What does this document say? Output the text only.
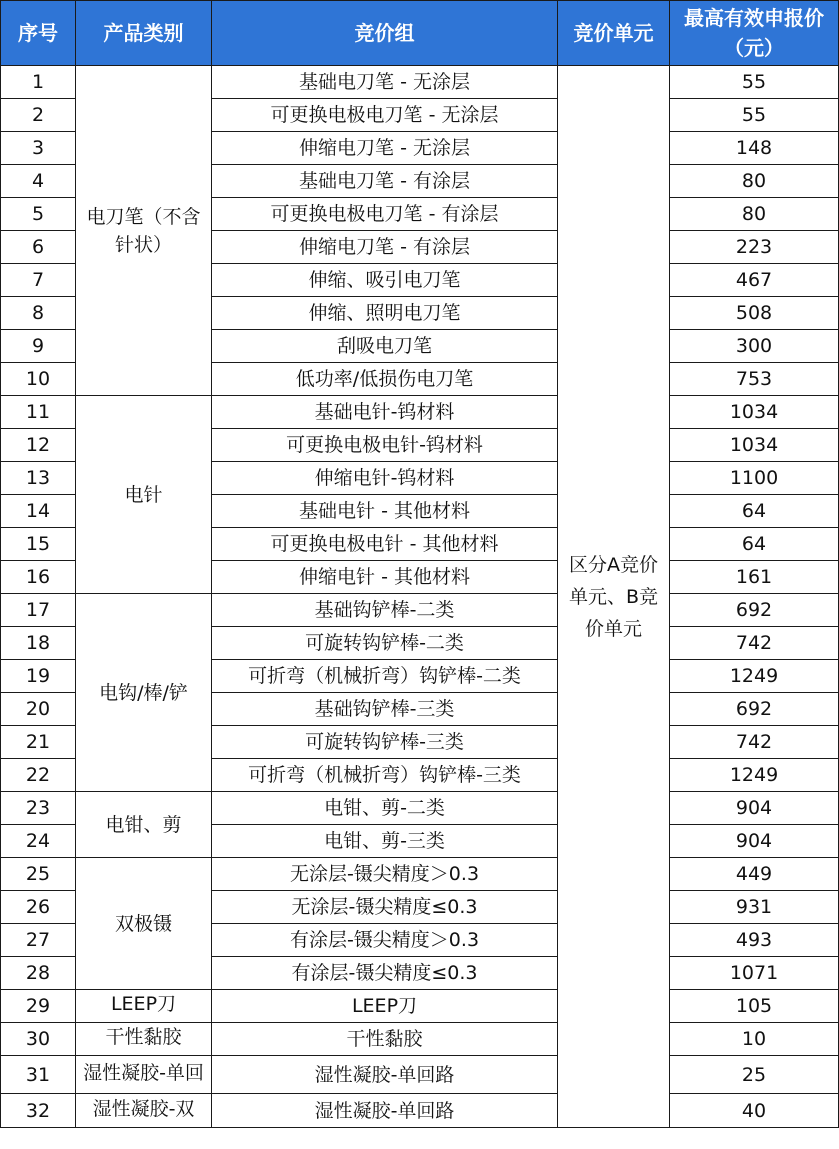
序号	产品类别	竞价组	竞价单元	最高有效申报价（元）
1	电刀笔（不含针状）	基础电刀笔 - 无涂层	区分A竞价单元、B竞价单元	55
2		可更换电极电刀笔 - 无涂层		55
3		伸缩电刀笔 - 无涂层		148
4		基础电刀笔 - 有涂层		80
5		可更换电极电刀笔 - 有涂层		80
6		伸缩电刀笔 - 有涂层		223
7		伸缩、吸引电刀笔		467
8		伸缩、照明电刀笔		508
9		刮吸电刀笔		300
10		低功率/低损伤电刀笔		753
11	电针	基础电针-钨材料		1034
12		可更换电极电针-钨材料		1034
13		伸缩电针-钨材料		1100
14		基础电针 - 其他材料		64
15		可更换电极电针 - 其他材料		64
16		伸缩电针 - 其他材料		161
17	电钩/棒/铲	基础钩铲棒-二类		692
18		可旋转钩铲棒-二类		742
19		可折弯（机械折弯）钩铲棒-二类		1249
20		基础钩铲棒-三类		692
21		可旋转钩铲棒-三类		742
22		可折弯（机械折弯）钩铲棒-三类		1249
23	电钳、剪	电钳、剪-二类		904
24		电钳、剪-三类		904
25	双极镊	无涂层-镊尖精度＞0.3		449
26		无涂层-镊尖精度≤0.3		931
27		有涂层-镊尖精度＞0.3		493
28		有涂层-镊尖精度≤0.3		1071
29	LEEP刀	LEEP刀		105
30	干性黏胶	干性黏胶		10
31	湿性凝胶-单回	湿性凝胶-单回路		25
32	湿性凝胶-双	湿性凝胶-单回路		40
